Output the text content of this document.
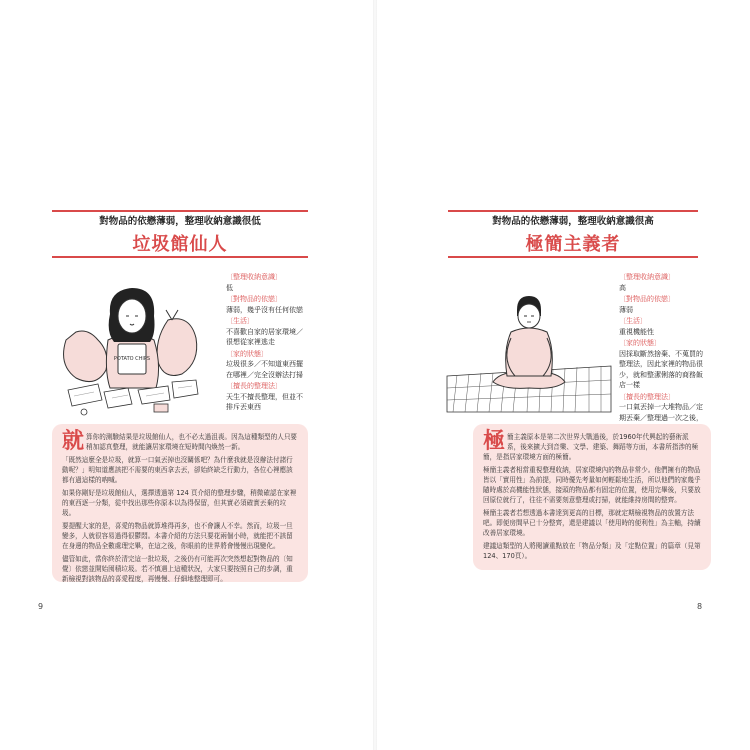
對物品的依戀薄弱，整理收納意識很低
垃圾館仙人
POTATO CHIPS
〔整理收納意識〕
低
〔對物品的依戀〕
薄弱，幾乎沒有任何依戀
〔生活〕
不喜歡自家的居家環境／很想從家裡逃走
〔家的狀態〕
垃圾很多／不知道東西擺在哪裡／完全沒辦法打掃
〔擅長的整理法〕
天生不擅長整理，但並不排斥丟東西

就算你的測驗結果是垃圾館仙人，也不必太過沮喪。因為這種類型的人只要稍加認真整理，就能讓居家環境在短時間內煥然一新。

「既然這麼全是垃圾，就算一口氣丟掉也沒關係吧？為什麼我就是沒辦法付諸行動呢？」明知道應該把不需要的東西拿去丟，卻始終缺乏行動力，各位心裡應該都有過這樣的吶喊。

如果你剛好是垃圾館仙人，選擇透過第 124 頁介紹的整理步驟，稍微確認在家裡的東西逐一分類，從中找出那些你原本以為得保留，但其實必須確實丟棄的垃圾。

要提醒大家的是，喜愛的物品就算堆得再多，也不會讓人不幸。然而，垃圾一旦變多，人就很容易過得很鬱悶。本書介紹的方法只要花兩個小時，就能把不該留在身邊的物品全數處理完畢，在這之後，你眼前的世界將會慢慢出現變化。

儘管如此，當你終於清完這一批垃圾，之後仍有可能再次突然想起對物品的〔知覺〕依戀並開始囤積垃圾。若不慎遇上這種狀況，大家只要按照自己的步調，重新檢視對該物品的喜愛程度，再慢慢、仔細地整理即可。

9
對物品的依戀薄弱，整理收納意識很高
極簡主義者
〔整理收納意識〕
高
〔對物品的依戀〕
薄弱
〔生活〕
重視機能性
〔家的狀態〕
因採取斷然捨棄、不蒐買的整理法，因此家裡的物品很少，就和整潔俐落的商務飯店一樣
〔擅長的整理法〕
一口氣丟掉一大堆物品／定期丟棄／整理過一次之後，

極簡主義原本是第二次世界大戰過後，於1960年代興起的藝術派系，後來擴大到音樂、文學、建築、舞蹈等方面，本書所指涉的極簡，是指居家環境方面的極簡。

極簡主義者相當重視整理收納，居家環境內的物品非常少。他們擁有的物品皆以「實用性」為前提，同時優先考量如何輕鬆地生活，所以他們的家幾乎隨時處於高機能性狀態，接頭的物品都有固定的位置，使用完畢後，只要放回原位就行了，往往不需要刻意整理或打掃，就能維持房間的整齊。

極簡主義者若想透過本書達到更高的目標，那就定期檢視物品的放置方法吧。即便房間早已十分整齊，還是建議以「使用時的便利性」為主軸，持續改善居家環境。

建議這類型的人將閱讀重點放在「物品分類」及「定點位置」的篇章（見第124、170頁）。

8
